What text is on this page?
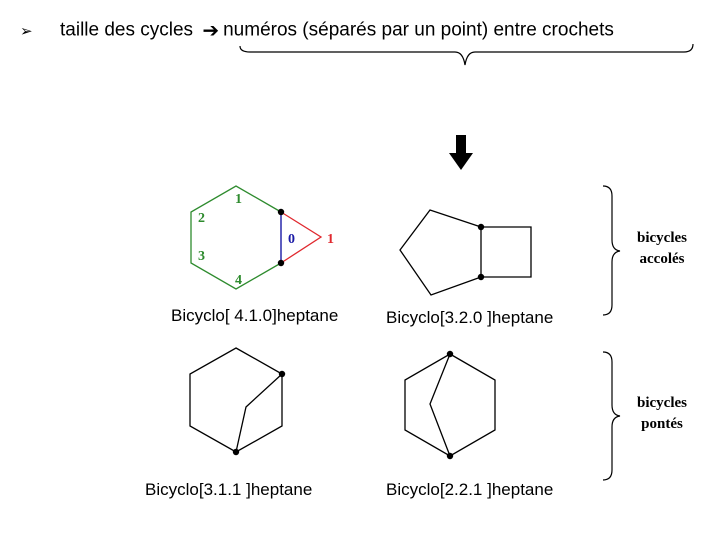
➢ taille des cycles ➔ numéros (séparés par un point) entre crochets
1
2
3
4
0 1
Bicyclo[ 4.1.0]heptane	Bicyclo[3.2.0 ]heptane
Bicyclo[3.1.1 ]heptane	Bicyclo[2.2.1 ]heptane
bicycles
accolés
bicycles
pontés
